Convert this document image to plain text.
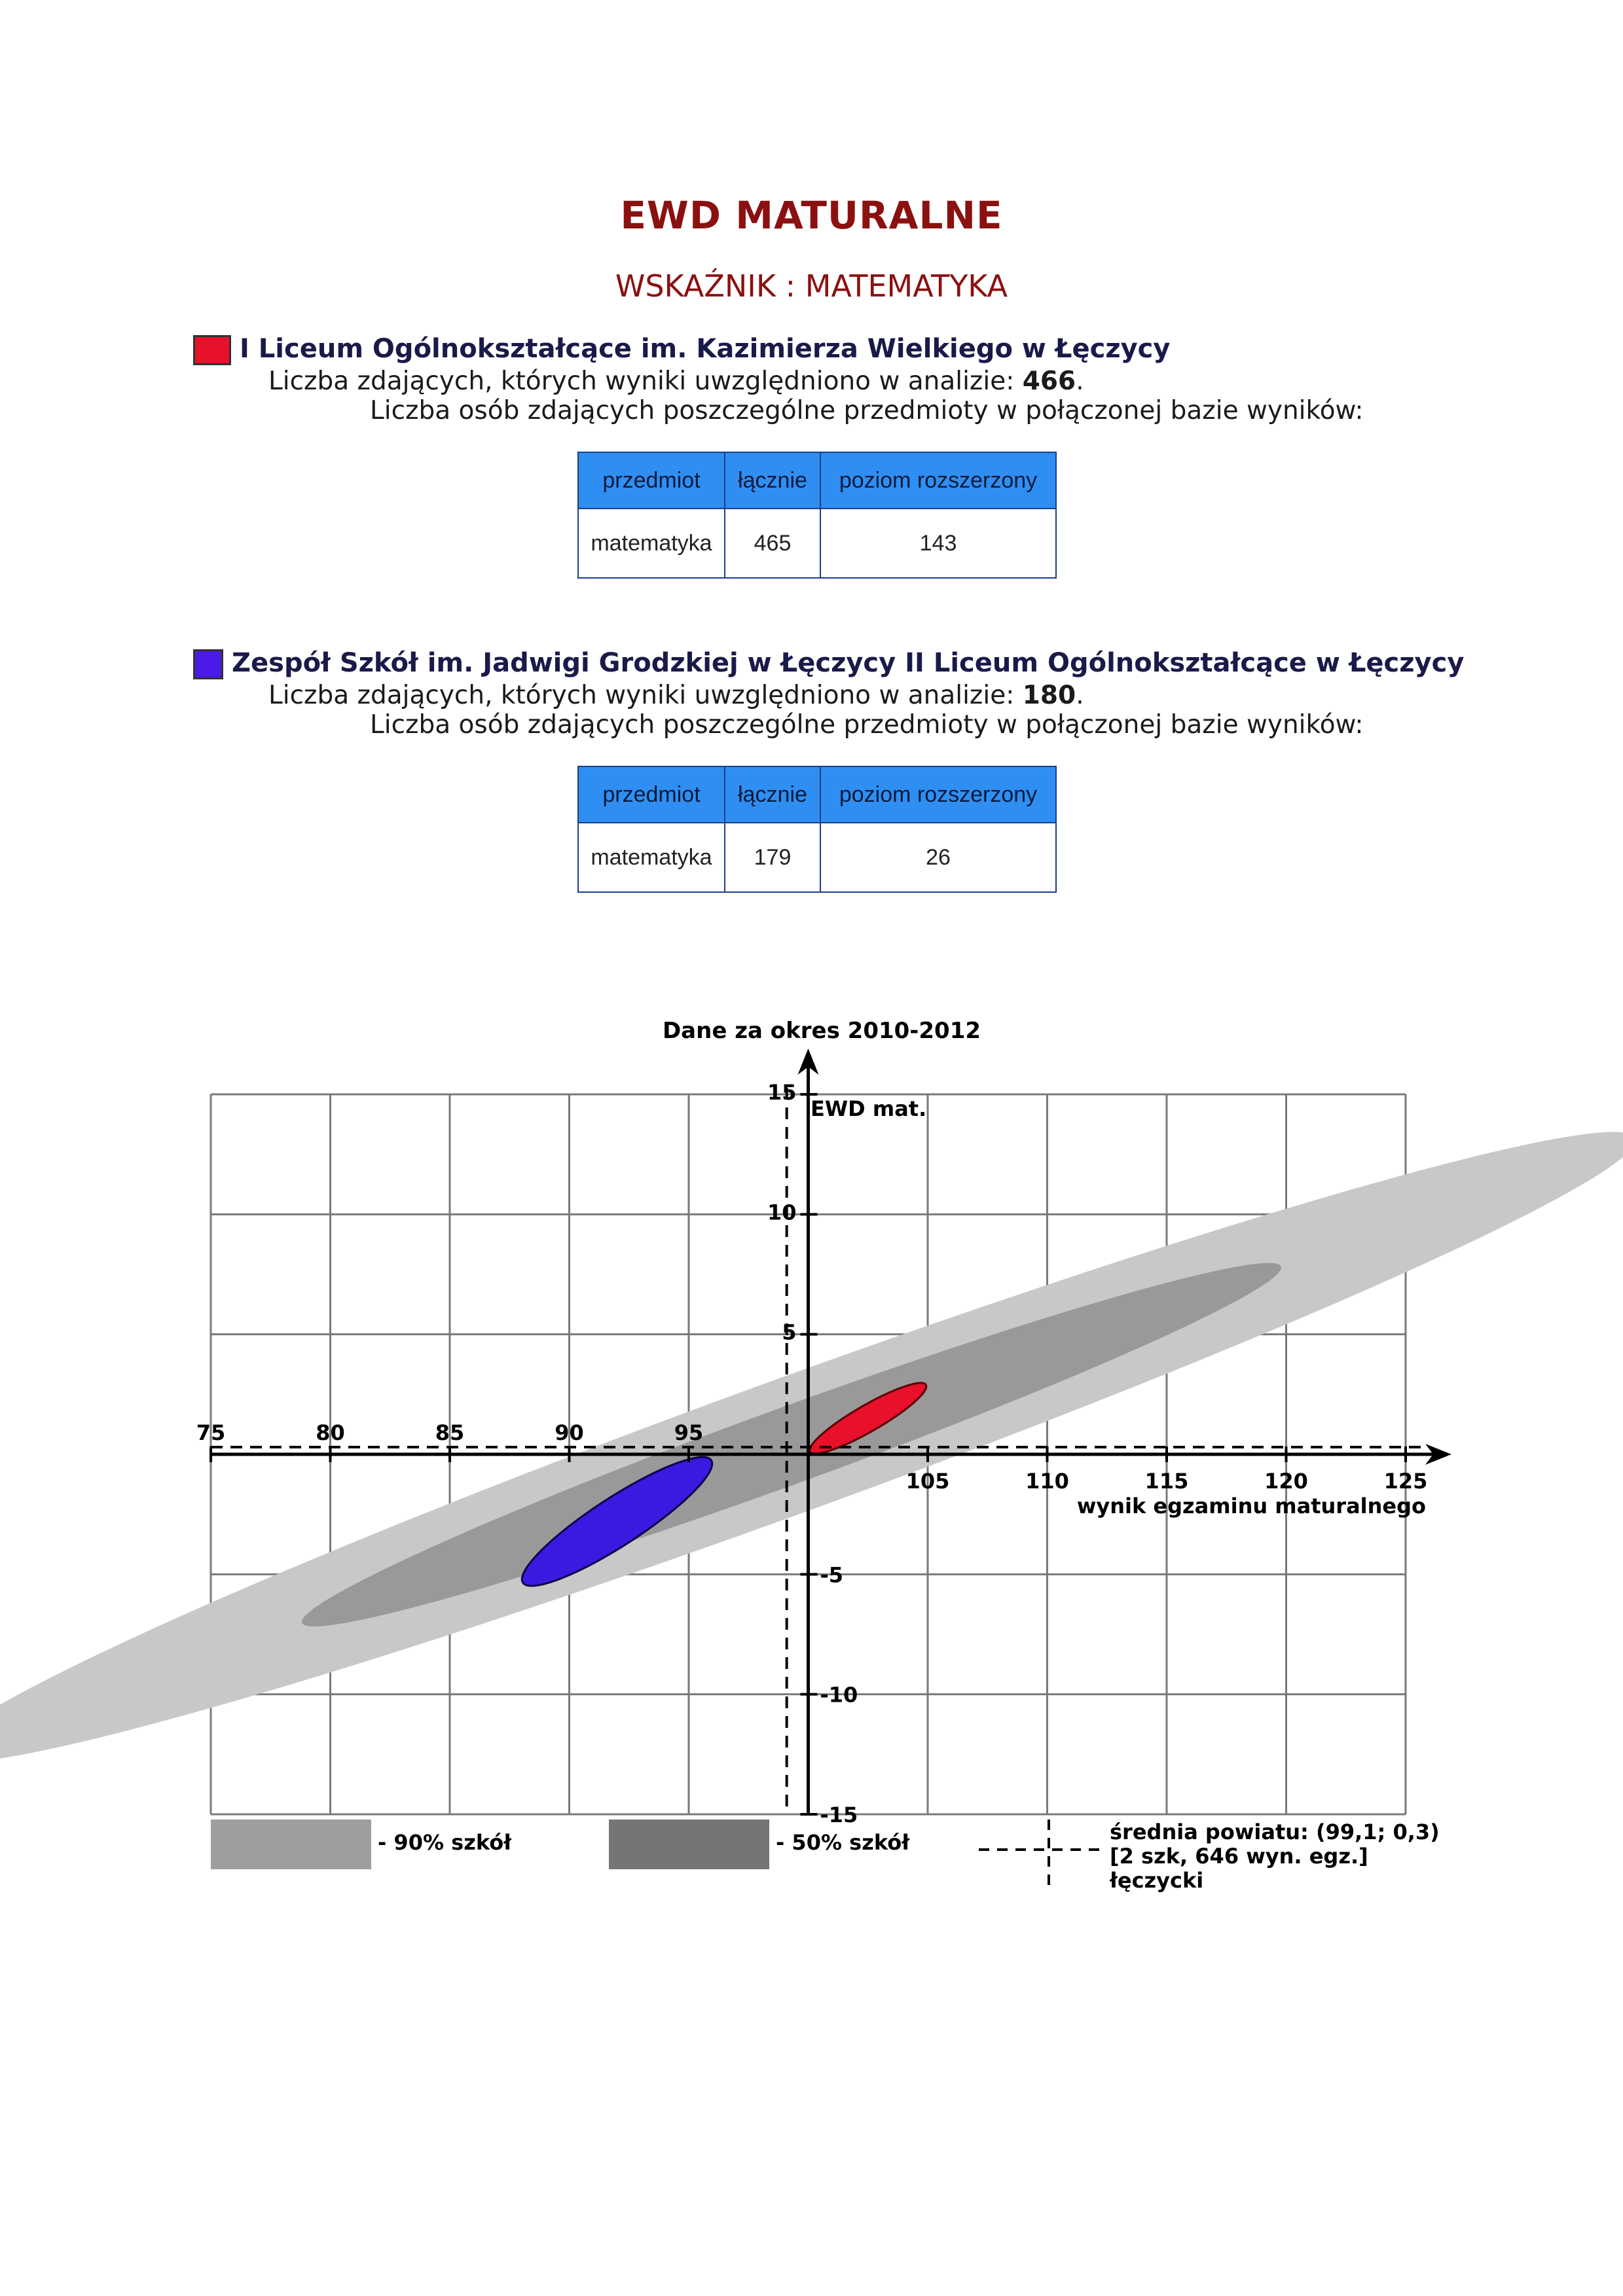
EWD MATURALNE
WSKAŹNIK : MATEMATYKA
I Liceum Ogólnokształcące im. Kazimierza Wielkiego w Łęczycy
Liczba zdających, których wyniki uwzględniono w analizie: 466.
Liczba osób zdających poszczególne przedmioty w połączonej bazie wyników:
przedmiot	łącznie	poziom rozszerzony
matematyka	465	143
Zespół Szkół im. Jadwigi Grodzkiej w Łęczycy II Liceum Ogólnokształcące w Łęczycy
Liczba zdających, których wyniki uwzględniono w analizie: 180.
Liczba osób zdających poszczególne przedmioty w połączonej bazie wyników:
przedmiot	łącznie	poziom rozszerzony
matematyka	179	26
Dane za okres 2010-2012
75	80	85	90	95
105	110	115	120	125
15
10
5
-5
-10
-15
EWD mat.
wynik egzaminu maturalnego
- 90% szkół	- 50% szkół	średnia powiatu: (99,1; 0,3)
[2 szk, 646 wyn. egz.]
łęczycki
